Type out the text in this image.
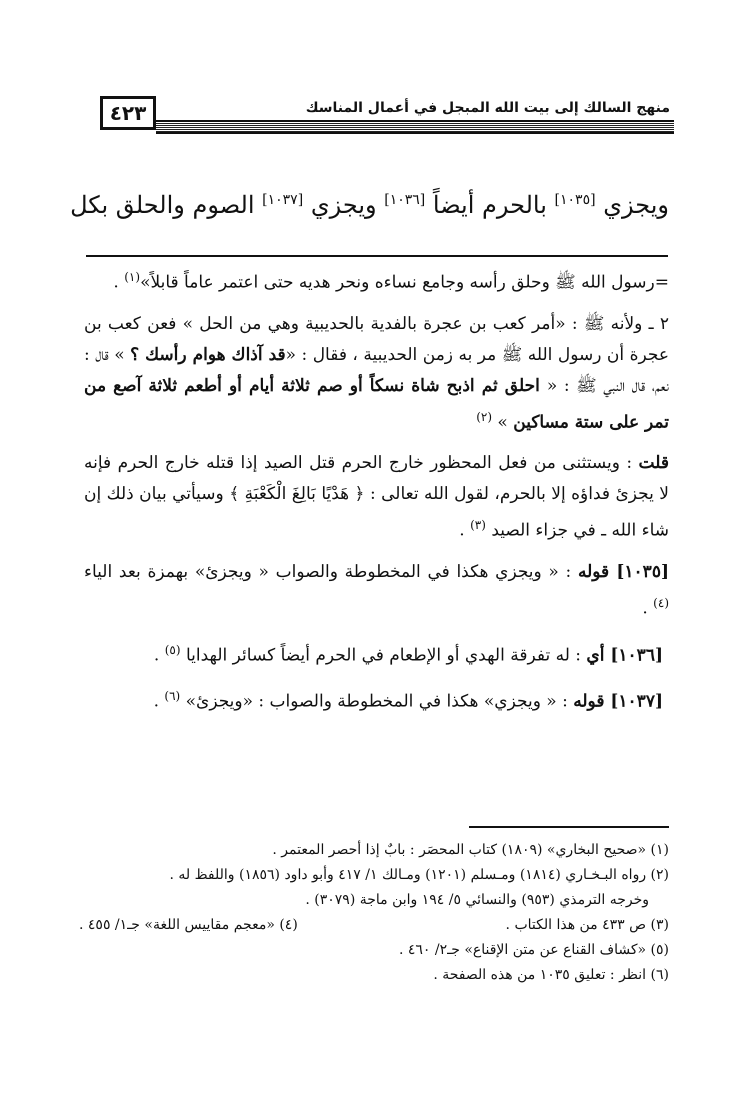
٤٢٣	منهج السالك إلى بيت الله المبجل في أعمال المناسك
ويجزي [١٠٣٥] بالحرم أيضاً [١٠٣٦] ويجزي [١٠٣٧] الصوم والحلق بكل

=رسول الله ﷺ وحلق رأسه وجامع نساءه ونحر هديه حتى اعتمر عاماً قابلاً»$^{(١)}$ .

٢ ـ ولأنه ﷺ : «أمر كعب بن عجرة بالفدية بالحديبية وهي من الحل » فعن كعب بن عجرة أن رسول الله ﷺ مر به زمن الحديبية ، فقال : «قد آذاك هوام رأسك ؟ » قال : نعم، قال النبي ﷺ : « احلق ثم اذبح شاة نسكاً أو صم ثلاثة أيام أو أطعم ثلاثة آصع من تمر على ستة مساكين » $^{(٢)}$

قلت : ويستثنى من فعل المحظور خارج الحرم قتل الصيد إذا قتله خارج الحرم فإنه لا يجزئ فداؤه إلا بالحرم، لقول الله تعالى : ﴿ هَدْيًا بَالِغَ الْكَعْبَةِ ﴾ وسيأتي بيان ذلك إن شاء الله ـ في جزاء الصيد $^{(٣)}$ .

[١٠٣٥] قوله : « ويجزي هكذا في المخطوطة والصواب « ويجزئ» بهمزة بعد الياء $^{(٤)}$ .

[١٠٣٦] أي : له تفرقة الهدي أو الإطعام في الحرم أيضاً كسائر الهدايا $^{(٥)}$ .

[١٠٣٧] قوله : « ويجزي» هكذا في المخطوطة والصواب : «ويجزئ» $^{(٦)}$ .

(١) «صحيح البخاري» (١٨٠٩) كتاب المحصَر : بابٌ إذا أحصر المعتمر .

(٢) رواه البـخـاري (١٨١٤) ومـسلم (١٢٠١) ومـالك ١/ ٤١٧ وأبو داود (١٨٥٦) واللفظ له .

وخرجه الترمذي (٩٥٣) والنسائي ٥/ ١٩٤ وابن ماجة (٣٠٧٩) .

(٣) ص ٤٣٣ من هذا الكتاب .
(٤) «معجم مقاييس اللغة» جـ١/ ٤٥٥ .

(٥) «كشاف القناع عن متن الإقناع» جـ٢/ ٤٦٠ .

(٦) انظر : تعليق ١٠٣٥ من هذه الصفحة .
